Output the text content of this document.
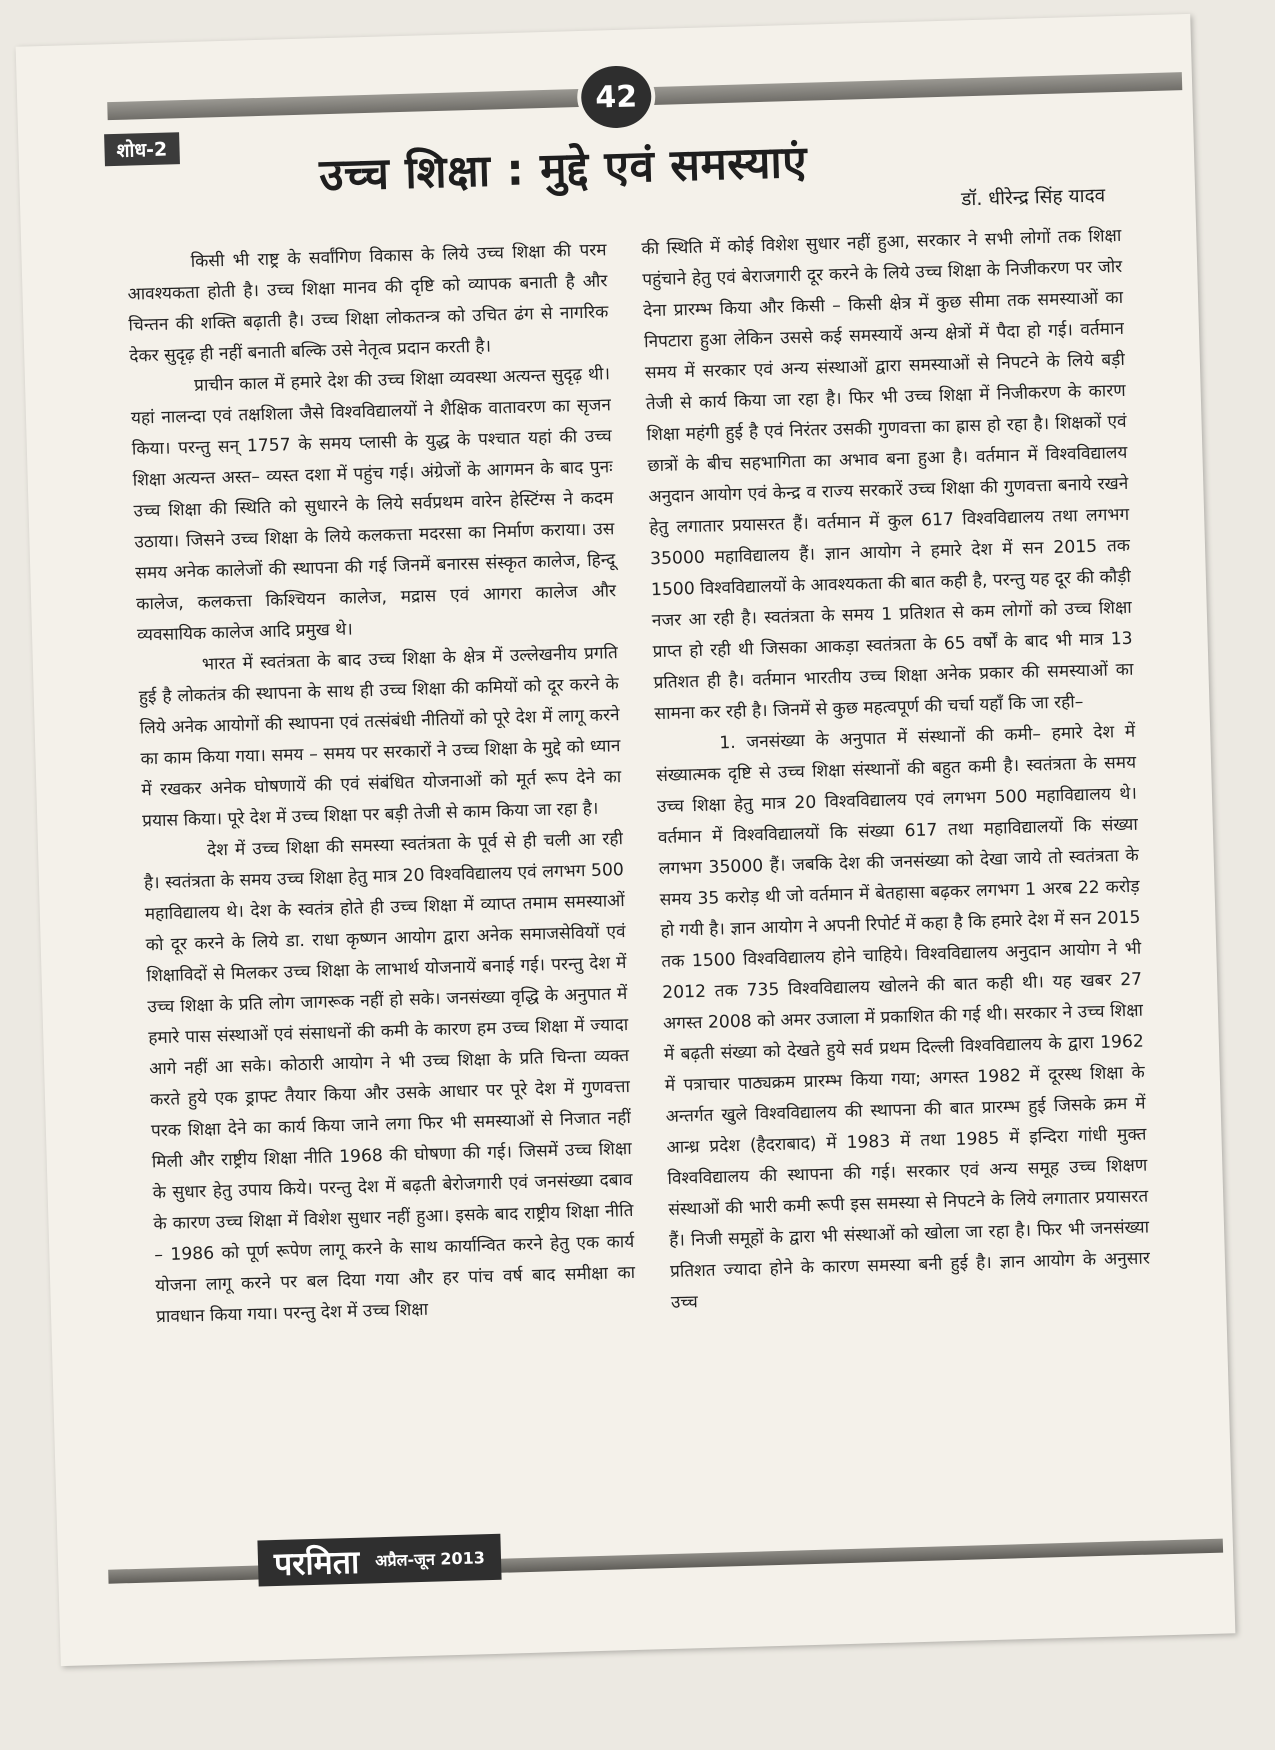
42
शोध-2	उच्च शिक्षा : मुद्दे एवं समस्याएं	डॉ. धीरेन्द्र सिंह यादव

किसी भी राष्ट्र के सर्वांगिण विकास के लिये उच्च शिक्षा की परम आवश्यकता होती है। उच्च शिक्षा मानव की दृष्टि को व्यापक बनाती है और चिन्तन की शक्ति बढ़ाती है। उच्च शिक्षा लोकतन्त्र को उचित ढंग से नागरिक देकर सुदृढ़ ही नहीं बनाती बल्कि उसे नेतृत्व प्रदान करती है।

प्राचीन काल में हमारे देश की उच्च शिक्षा व्यवस्था अत्यन्त सुदृढ़ थी। यहां नालन्दा एवं तक्षशिला जैसे विश्वविद्यालयों ने शैक्षिक वातावरण का सृजन किया। परन्तु सन् 1757 के समय प्लासी के युद्ध के पश्चात यहां की उच्च शिक्षा अत्यन्त अस्त– व्यस्त दशा में पहुंच गई। अंग्रेजों के आगमन के बाद पुनः उच्च शिक्षा की स्थिति को सुधारने के लिये सर्वप्रथम वारेन हेस्टिंग्स ने कदम उठाया। जिसने उच्च शिक्षा के लिये कलकत्ता मदरसा का निर्माण कराया। उस समय अनेक कालेजों की स्थापना की गई जिनमें बनारस संस्कृत कालेज, हिन्दू कालेज, कलकत्ता किश्चियन कालेज, मद्रास एवं आगरा कालेज और व्यवसायिक कालेज आदि प्रमुख थे।

भारत में स्वतंत्रता के बाद उच्च शिक्षा के क्षेत्र में उल्लेखनीय प्रगति हुई है लोकतंत्र की स्थापना के साथ ही उच्च शिक्षा की कमियों को दूर करने के लिये अनेक आयोगों की स्थापना एवं तत्संबंधी नीतियों को पूरे देश में लागू करने का काम किया गया। समय – समय पर सरकारों ने उच्च शिक्षा के मुद्दे को ध्यान में रखकर अनेक घोषणायें की एवं संबंधित योजनाओं को मूर्त रूप देने का प्रयास किया। पूरे देश में उच्च शिक्षा पर बड़ी तेजी से काम किया जा रहा है।

देश में उच्च शिक्षा की समस्या स्वतंत्रता के पूर्व से ही चली आ रही है। स्वतंत्रता के समय उच्च शिक्षा हेतु मात्र 20 विश्वविद्यालय एवं लगभग 500 महाविद्यालय थे। देश के स्वतंत्र होते ही उच्च शिक्षा में व्याप्त तमाम समस्याओं को दूर करने के लिये डा. राधा कृष्णन आयोग द्वारा अनेक समाजसेवियों एवं शिक्षाविदों से मिलकर उच्च शिक्षा के लाभार्थ योजनायें बनाई गई। परन्तु देश में उच्च शिक्षा के प्रति लोग जागरूक नहीं हो सके। जनसंख्या वृद्धि के अनुपात में हमारे पास संस्थाओं एवं संसाधनों की कमी के कारण हम उच्च शिक्षा में ज्यादा आगे नहीं आ सके। कोठारी आयोग ने भी उच्च शिक्षा के प्रति चिन्ता व्यक्त करते हुये एक ड्राफ्ट तैयार किया और उसके आधार पर पूरे देश में गुणवत्ता परक शिक्षा देने का कार्य किया जाने लगा फिर भी समस्याओं से निजात नहीं मिली और राष्ट्रीय शिक्षा नीति 1968 की घोषणा की गई। जिसमें उच्च शिक्षा के सुधार हेतु उपाय किये। परन्तु देश में बढ़ती बेरोजगारी एवं जनसंख्या दबाव के कारण उच्च शिक्षा में विशेश सुधार नहीं हुआ। इसके बाद राष्ट्रीय शिक्षा नीति – 1986 को पूर्ण रूपेण लागू करने के साथ कार्यान्वित करने हेतु एक कार्य योजना लागू करने पर बल दिया गया और हर पांच वर्ष बाद समीक्षा का प्रावधान किया गया। परन्तु देश में उच्च शिक्षा

की स्थिति में कोई विशेश सुधार नहीं हुआ, सरकार ने सभी लोगों तक शिक्षा पहुंचाने हेतु एवं बेराजगारी दूर करने के लिये उच्च शिक्षा के निजीकरण पर जोर देना प्रारम्भ किया और किसी – किसी क्षेत्र में कुछ सीमा तक समस्याओं का निपटारा हुआ लेकिन उससे कई समस्यायें अन्य क्षेत्रों में पैदा हो गई। वर्तमान समय में सरकार एवं अन्य संस्थाओं द्वारा समस्याओं से निपटने के लिये बड़ी तेजी से कार्य किया जा रहा है। फिर भी उच्च शिक्षा में निजीकरण के कारण शिक्षा महंगी हुई है एवं निरंतर उसकी गुणवत्ता का ह्रास हो रहा है। शिक्षकों एवं छात्रों के बीच सहभागिता का अभाव बना हुआ है। वर्तमान में विश्वविद्यालय अनुदान आयोग एवं केन्द्र व राज्य सरकारें उच्च शिक्षा की गुणवत्ता बनाये रखने हेतु लगातार प्रयासरत हैं। वर्तमान में कुल 617 विश्वविद्यालय तथा लगभग 35000 महाविद्यालय हैं। ज्ञान आयोग ने हमारे देश में सन 2015 तक 1500 विश्वविद्यालयों के आवश्यकता की बात कही है, परन्तु यह दूर की कौड़ी नजर आ रही है। स्वतंत्रता के समय 1 प्रतिशत से कम लोगों को उच्च शिक्षा प्राप्त हो रही थी जिसका आकड़ा स्वतंत्रता के 65 वर्षों के बाद भी मात्र 13 प्रतिशत ही है। वर्तमान भारतीय उच्च शिक्षा अनेक प्रकार की समस्याओं का सामना कर रही है। जिनमें से कुछ महत्वपूर्ण की चर्चा यहाँ कि जा रही–

1. जनसंख्या के अनुपात में संस्थानों की कमी– हमारे देश में संख्यात्मक दृष्टि से उच्च शिक्षा संस्थानों की बहुत कमी है। स्वतंत्रता के समय उच्च शिक्षा हेतु मात्र 20 विश्वविद्यालय एवं लगभग 500 महाविद्यालय थे। वर्तमान में विश्वविद्यालयों कि संख्या 617 तथा महाविद्यालयों कि संख्या लगभग 35000 हैं। जबकि देश की जनसंख्या को देखा जाये तो स्वतंत्रता के समय 35 करोड़ थी जो वर्तमान में बेतहासा बढ़कर लगभग 1 अरब 22 करोड़ हो गयी है। ज्ञान आयोग ने अपनी रिपोर्ट में कहा है कि हमारे देश में सन 2015 तक 1500 विश्वविद्यालय होने चाहिये। विश्वविद्यालय अनुदान आयोग ने भी 2012 तक 735 विश्वविद्यालय खोलने की बात कही थी। यह खबर 27 अगस्त 2008 को अमर उजाला में प्रकाशित की गई थी। सरकार ने उच्च शिक्षा में बढ़ती संख्या को देखते हुये सर्व प्रथम दिल्ली विश्वविद्यालय के द्वारा 1962 में पत्राचार पाठ्यक्रम प्रारम्भ किया गया; अगस्त 1982 में दूरस्थ शिक्षा के अन्तर्गत खुले विश्वविद्यालय की स्थापना की बात प्रारम्भ हुई जिसके क्रम में आन्ध्र प्रदेश (हैदराबाद) में 1983 में तथा 1985 में इन्दिरा गांधी मुक्त विश्वविद्यालय की स्थापना की गई। सरकार एवं अन्य समूह उच्च शिक्षण संस्थाओं की भारी कमी रूपी इस समस्या से निपटने के लिये लगातार प्रयासरत हैं। निजी समूहों के द्वारा भी संस्थाओं को खोला जा रहा है। फिर भी जनसंख्या प्रतिशत ज्यादा होने के कारण समस्या बनी हुई है। ज्ञान आयोग के अनुसार उच्च

परमिता अप्रैल-जून 2013
